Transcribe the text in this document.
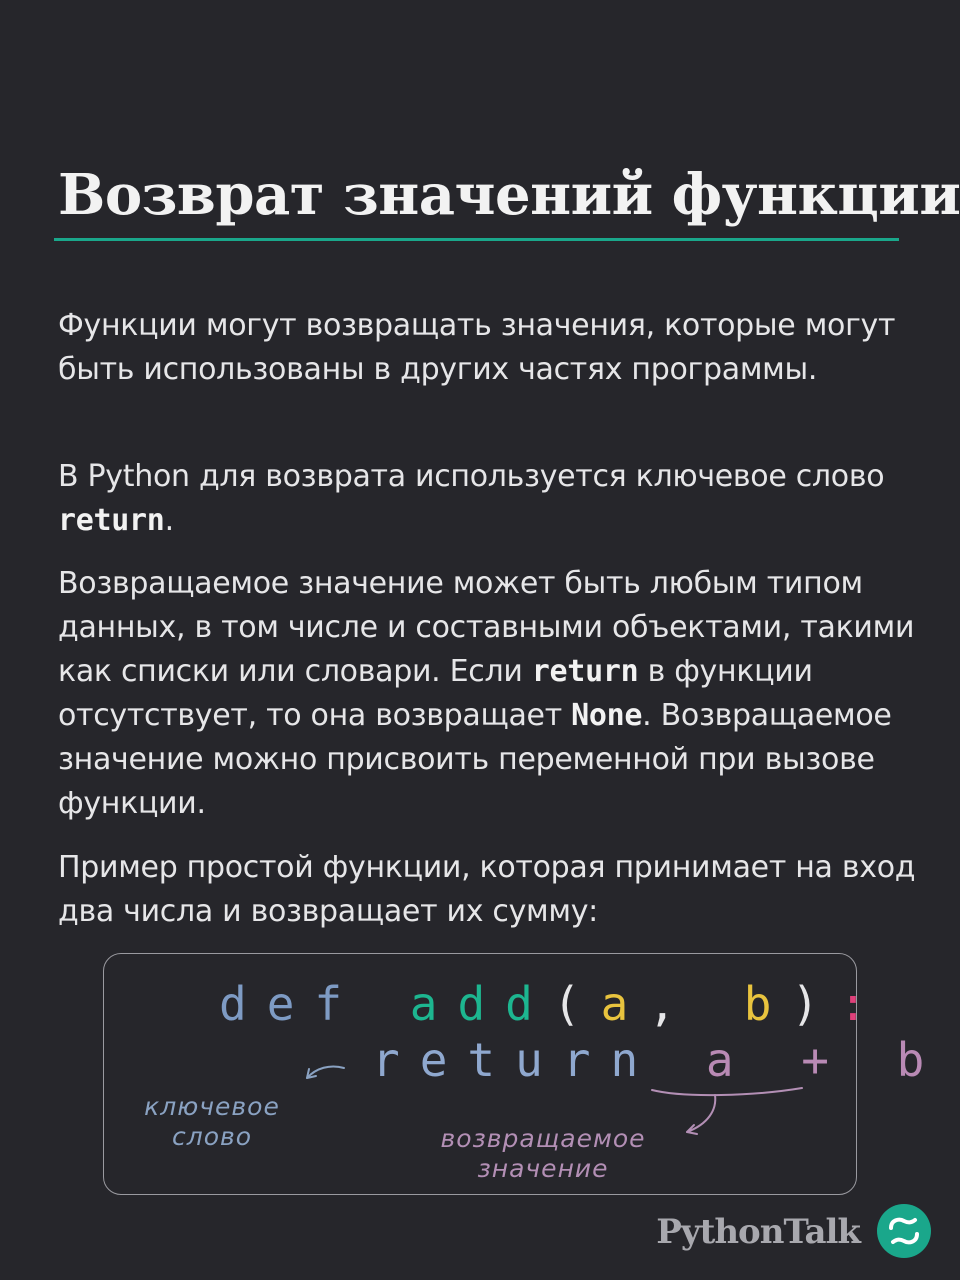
Возврат значений функции

Функции могут возвращать значения, которые могут быть использованы в других частях программы.

В Python для возврата используется ключевое слово return.

Возвращаемое значение может быть любым типом данных, в том числе и составными объектами, такими как списки или словари. Если return в функции отсутствует, то она возвращает None. Возвращаемое значение можно присвоить переменной при вызове функции.

Пример простой функции, которая принимает на вход два числа и возвращает их сумму:

def add(a, b):
return a + b
ключевое слово	возвращаемое значение
PythonTalk
